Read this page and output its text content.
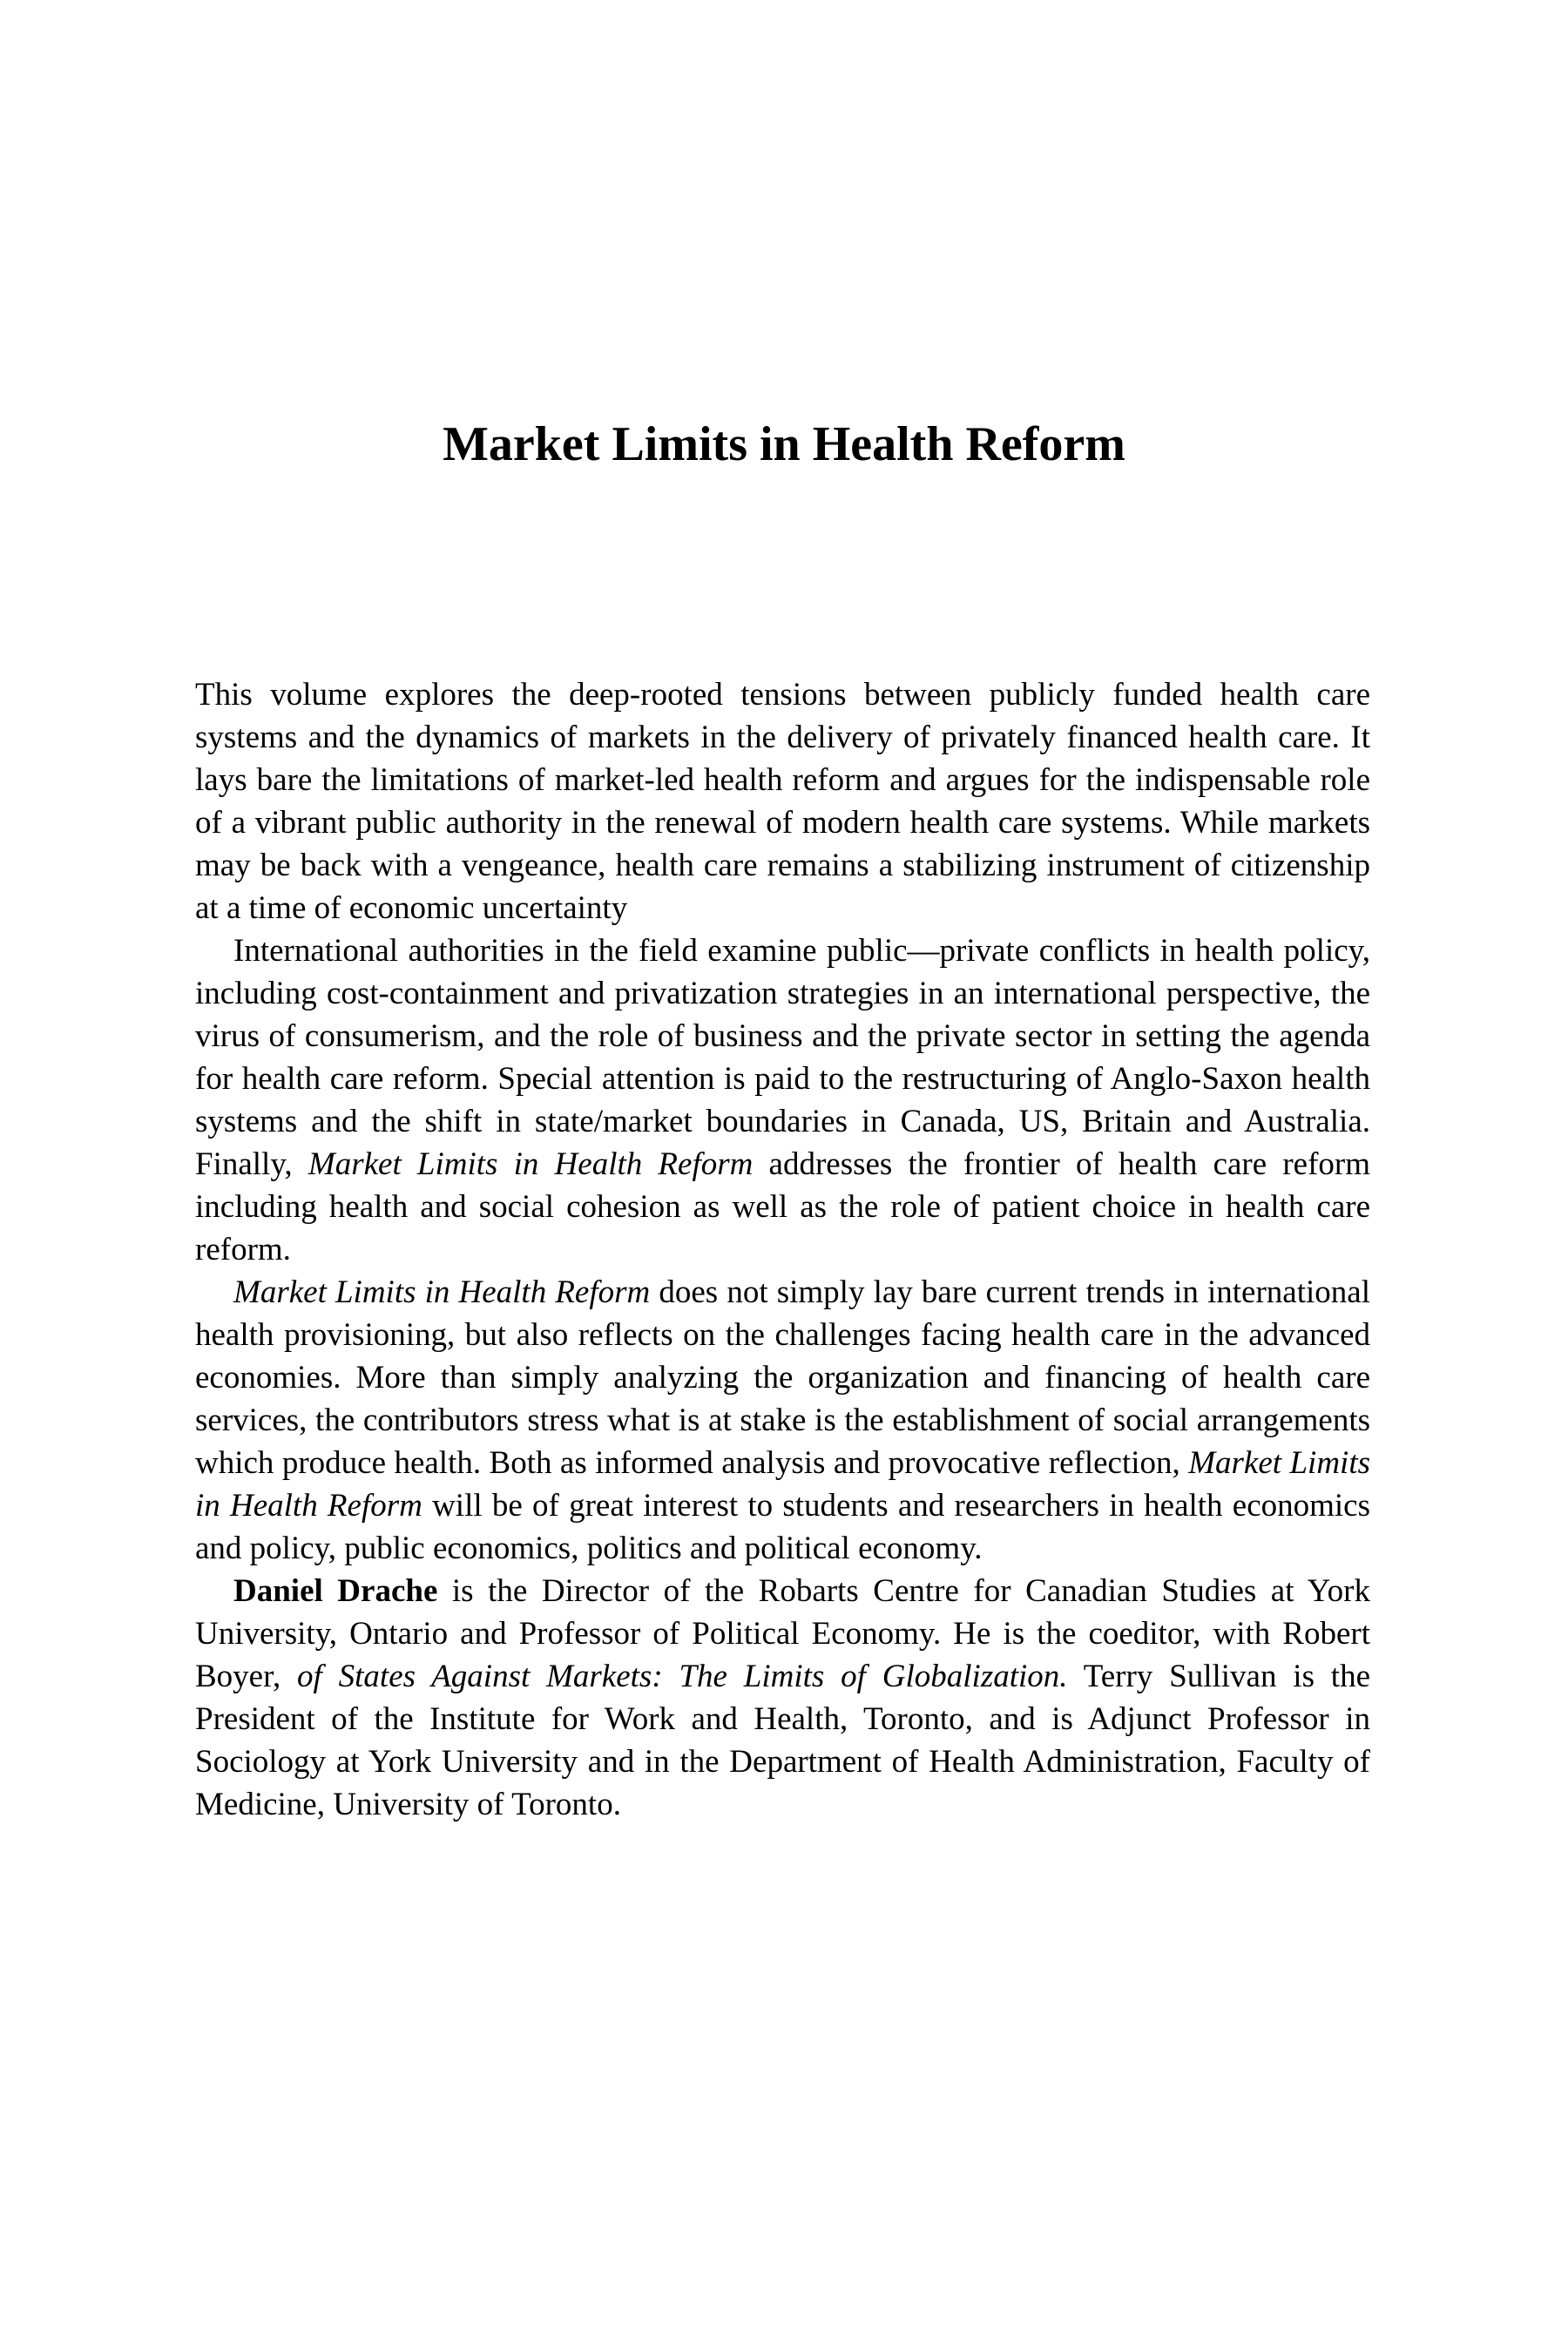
Market Limits in Health Reform

This volume explores the deep-rooted tensions between publicly funded health care systems and the dynamics of markets in the delivery of privately financed health care. It lays bare the limitations of market-led health reform and argues for the indispensable role of a vibrant public authority in the renewal of modern health care systems. While markets may be back with a vengeance, health care remains a stabilizing instrument of citizenship at a time of economic uncertainty

International authorities in the field examine public—private conflicts in health policy, including cost-containment and privatization strategies in an international perspective, the virus of consumerism, and the role of business and the private sector in setting the agenda for health care reform. Special attention is paid to the restructuring of Anglo-Saxon health systems and the shift in state/market boundaries in Canada, US, Britain and Australia. Finally, Market Limits in Health Reform addresses the frontier of health care reform including health and social cohesion as well as the role of patient choice in health care reform.

Market Limits in Health Reform does not simply lay bare current trends in international health provisioning, but also reflects on the challenges facing health care in the advanced economies. More than simply analyzing the organization and financing of health care services, the contributors stress what is at stake is the establishment of social arrangements which produce health. Both as informed analysis and provocative reflection, Market Limits in Health Reform will be of great interest to students and researchers in health economics and policy, public economics, politics and political economy.

Daniel Drache is the Director of the Robarts Centre for Canadian Studies at York University, Ontario and Professor of Political Economy. He is the coeditor, with Robert Boyer, of States Against Markets: The Limits of Globalization. Terry Sullivan is the President of the Institute for Work and Health, Toronto, and is Adjunct Professor in Sociology at York University and in the Department of Health Administration, Faculty of Medicine, University of Toronto.
